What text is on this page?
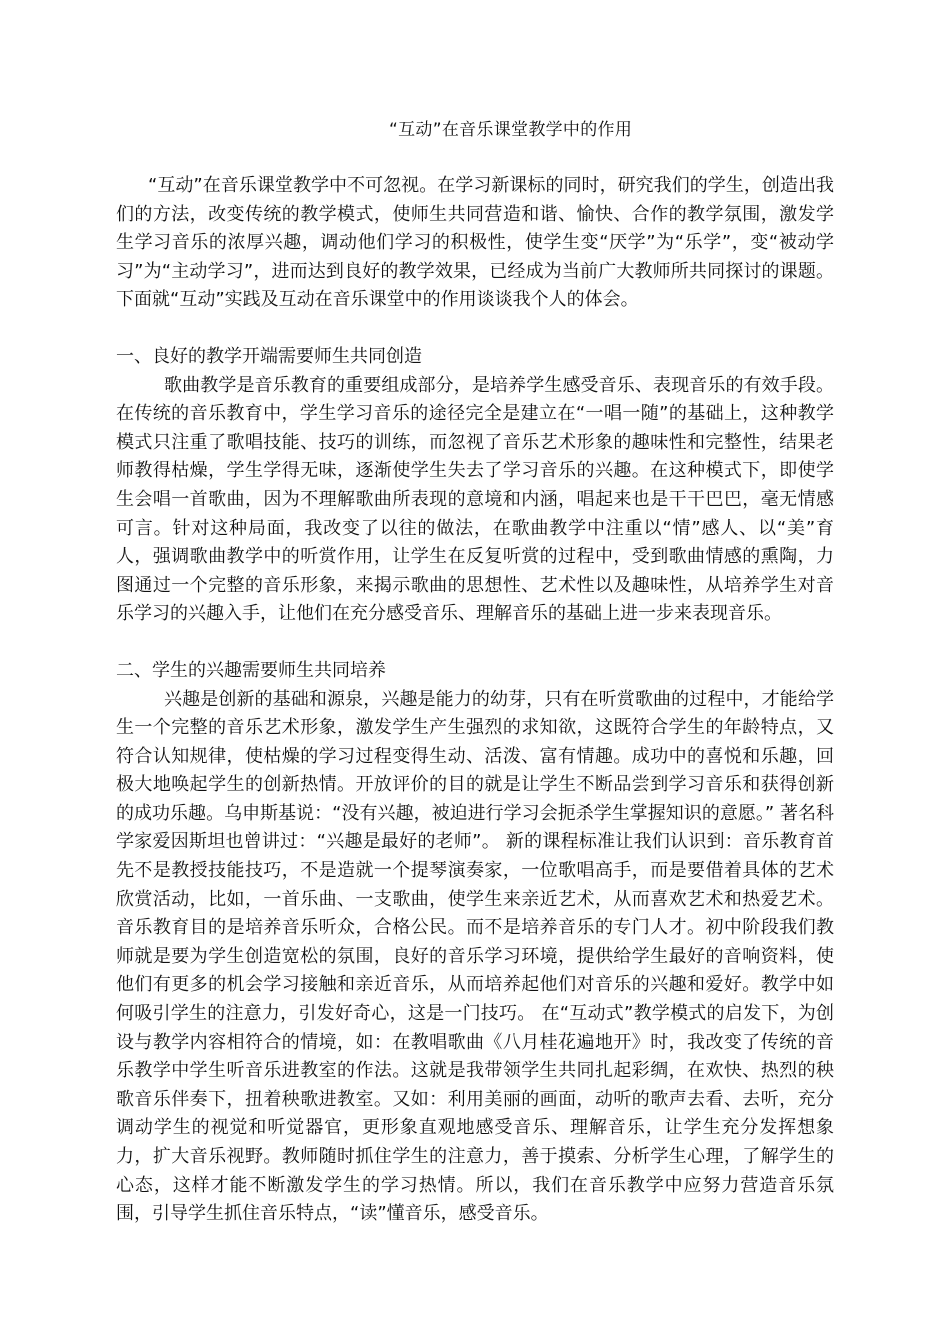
“互动”在音乐课堂教学中的作用

“互动”在音乐课堂教学中不可忽视。在学习新课标的同时，研究我们的学生，创造出我们的方法，改变传统的教学模式，使师生共同营造和谐、愉快、合作的教学氛围，激发学生学习音乐的浓厚兴趣，调动他们学习的积极性，使学生变“厌学”为“乐学”，变“被动学习”为“主动学习”，进而达到良好的教学效果，已经成为当前广大教师所共同探讨的课题。下面就“互动”实践及互动在音乐课堂中的作用谈谈我个人的体会。

一、良好的教学开端需要师生共同创造

歌曲教学是音乐教育的重要组成部分，是培养学生感受音乐、表现音乐的有效手段。在传统的音乐教育中，学生学习音乐的途径完全是建立在“一唱一随”的基础上，这种教学模式只注重了歌唱技能、技巧的训练，而忽视了音乐艺术形象的趣味性和完整性，结果老师教得枯燥，学生学得无味，逐渐使学生失去了学习音乐的兴趣。在这种模式下，即使学生会唱一首歌曲，因为不理解歌曲所表现的意境和内涵，唱起来也是干干巴巴，毫无情感可言。针对这种局面，我改变了以往的做法，在歌曲教学中注重以“情”感人、以“美”育人，强调歌曲教学中的听赏作用，让学生在反复听赏的过程中，受到歌曲情感的熏陶，力图通过一个完整的音乐形象，来揭示歌曲的思想性、艺术性以及趣味性，从培养学生对音乐学习的兴趣入手，让他们在充分感受音乐、理解音乐的基础上进一步来表现音乐。

二、学生的兴趣需要师生共同培养

兴趣是创新的基础和源泉，兴趣是能力的幼芽，只有在听赏歌曲的过程中，才能给学生一个完整的音乐艺术形象，激发学生产生强烈的求知欲，这既符合学生的年龄特点，又符合认知规律，使枯燥的学习过程变得生动、活泼、富有情趣。成功中的喜悦和乐趣，回极大地唤起学生的创新热情。开放评价的目的就是让学生不断品尝到学习音乐和获得创新的成功乐趣。乌申斯基说：“没有兴趣，被迫进行学习会扼杀学生掌握知识的意愿。” 著名科学家爱因斯坦也曾讲过：“兴趣是最好的老师”。 新的课程标准让我们认识到：音乐教育首先不是教授技能技巧，不是造就一个提琴演奏家，一位歌唱高手，而是要借着具体的艺术欣赏活动，比如，一首乐曲、一支歌曲，使学生来亲近艺术，从而喜欢艺术和热爱艺术。音乐教育目的是培养音乐听众，合格公民。而不是培养音乐的专门人才。初中阶段我们教师就是要为学生创造宽松的氛围，良好的音乐学习环境，提供给学生最好的音响资料，使他们有更多的机会学习接触和亲近音乐，从而培养起他们对音乐的兴趣和爱好。教学中如何吸引学生的注意力，引发好奇心，这是一门技巧。 在“互动式”教学模式的启发下，为创设与教学内容相符合的情境，如：在教唱歌曲《八月桂花遍地开》时，我改变了传统的音乐教学中学生听音乐进教室的作法。这就是我带领学生共同扎起彩绸，在欢快、热烈的秧歌音乐伴奏下，扭着秧歌进教室。又如：利用美丽的画面，动听的歌声去看、去听，充分调动学生的视觉和听觉器官，更形象直观地感受音乐、理解音乐，让学生充分发挥想象力，扩大音乐视野。教师随时抓住学生的注意力，善于摸索、分析学生心理，了解学生的心态，这样才能不断激发学生的学习热情。所以，我们在音乐教学中应努力营造音乐氛围，引导学生抓住音乐特点，“读”懂音乐，感受音乐。
